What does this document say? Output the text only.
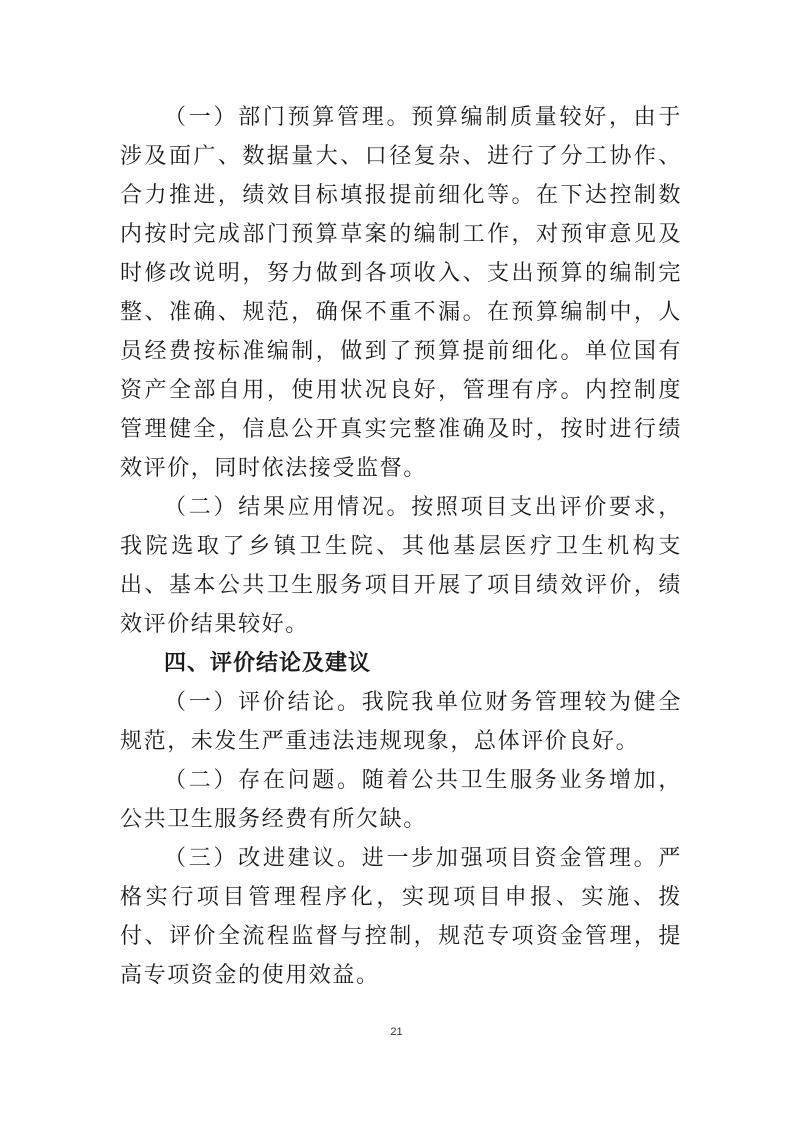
（一）部门预算管理。预算编制质量较好，由于涉及面广、数据量大、口径复杂、进行了分工协作、合力推进，绩效目标填报提前细化等。在下达控制数内按时完成部门预算草案的编制工作，对预审意见及时修改说明，努力做到各项收入、支出预算的编制完整、准确、规范，确保不重不漏。在预算编制中，人员经费按标准编制，做到了预算提前细化。单位国有资产全部自用，使用状况良好，管理有序。内控制度管理健全，信息公开真实完整准确及时，按时进行绩效评价，同时依法接受监督。

（二）结果应用情况。按照项目支出评价要求，我院选取了乡镇卫生院、其他基层医疗卫生机构支出、基本公共卫生服务项目开展了项目绩效评价，绩效评价结果较好。

四、评价结论及建议

（一）评价结论。我院我单位财务管理较为健全规范，未发生严重违法违规现象，总体评价良好。

（二）存在问题。随着公共卫生服务业务增加，公共卫生服务经费有所欠缺。

（三）改进建议。进一步加强项目资金管理。严格实行项目管理程序化，实现项目申报、实施、拨付、评价全流程监督与控制，规范专项资金管理，提高专项资金的使用效益。

21
